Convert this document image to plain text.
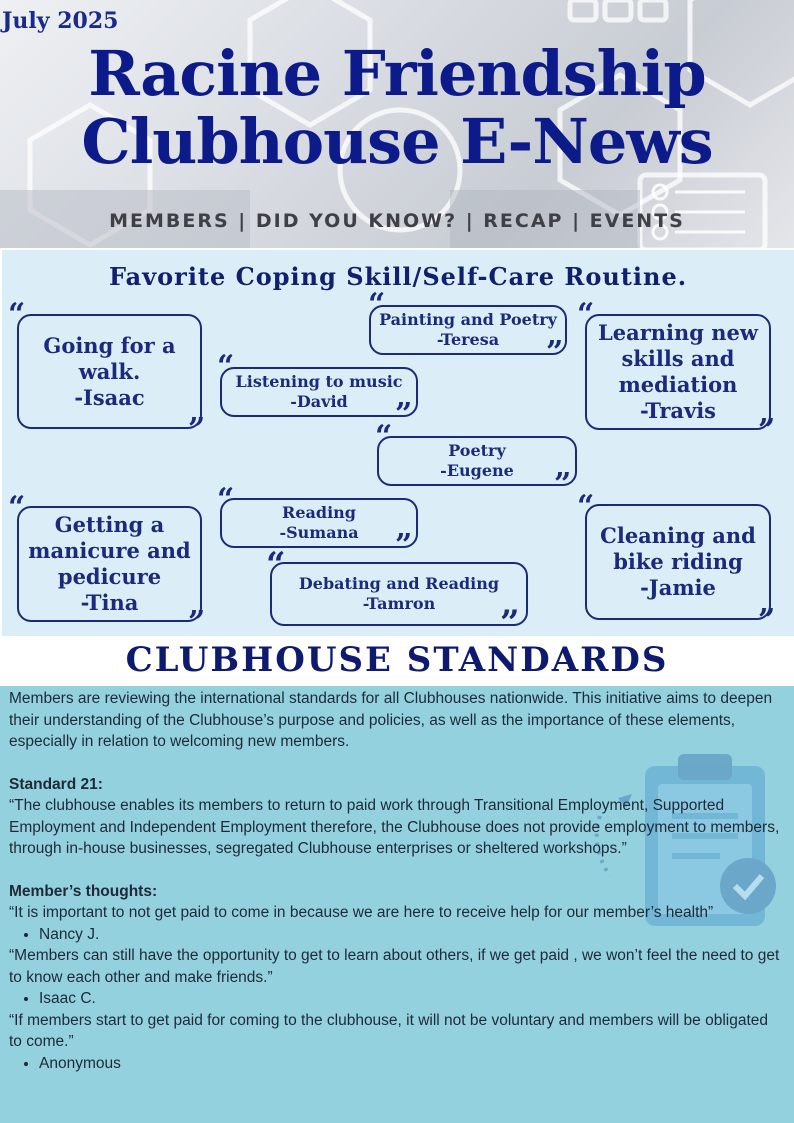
July 2025
Racine Friendship
Clubhouse E-News
MEMBERS | DID YOU KNOW? | RECAP | EVENTS
Favorite Coping Skill/Self-Care Routine.
Going for a
walk.
-Isaac
“
”
Painting and Poetry
-Teresa
“
”
Listening to music
-David
“
”
Learning new
skills and
mediation
-Travis
“
”
Poetry
-Eugene
“
”
Getting a
manicure and
pedicure
-Tina
“
”
Reading
-Sumana
“
”
Debating and Reading
-Tamron
“
”
Cleaning and
bike riding
-Jamie
“
”
CLUBHOUSE STANDARDS

Members are reviewing the international standards for all Clubhouses nationwide. This initiative aims to deepen their understanding of the Clubhouse’s purpose and policies, as well as the importance of these elements, especially in relation to welcoming new members.

Standard 21:

“The clubhouse enables its members to return to paid work through Transitional Employment, Supported Employment and Independent Employment therefore, the Clubhouse does not provide employment to members, through in-house businesses, segregated Clubhouse enterprises or sheltered workshops.”

Member’s thoughts:

“It is important to not get paid to come in because we are here to receive help for our member’s health”

• Nancy J.

“Members can still have the opportunity to get to learn about others, if we get paid , we won’t feel the need to get to know each other and make friends.”

• Isaac C.

“If members start to get paid for coming to the clubhouse, it will not be voluntary and members will be obligated to come.”

• Anonymous
